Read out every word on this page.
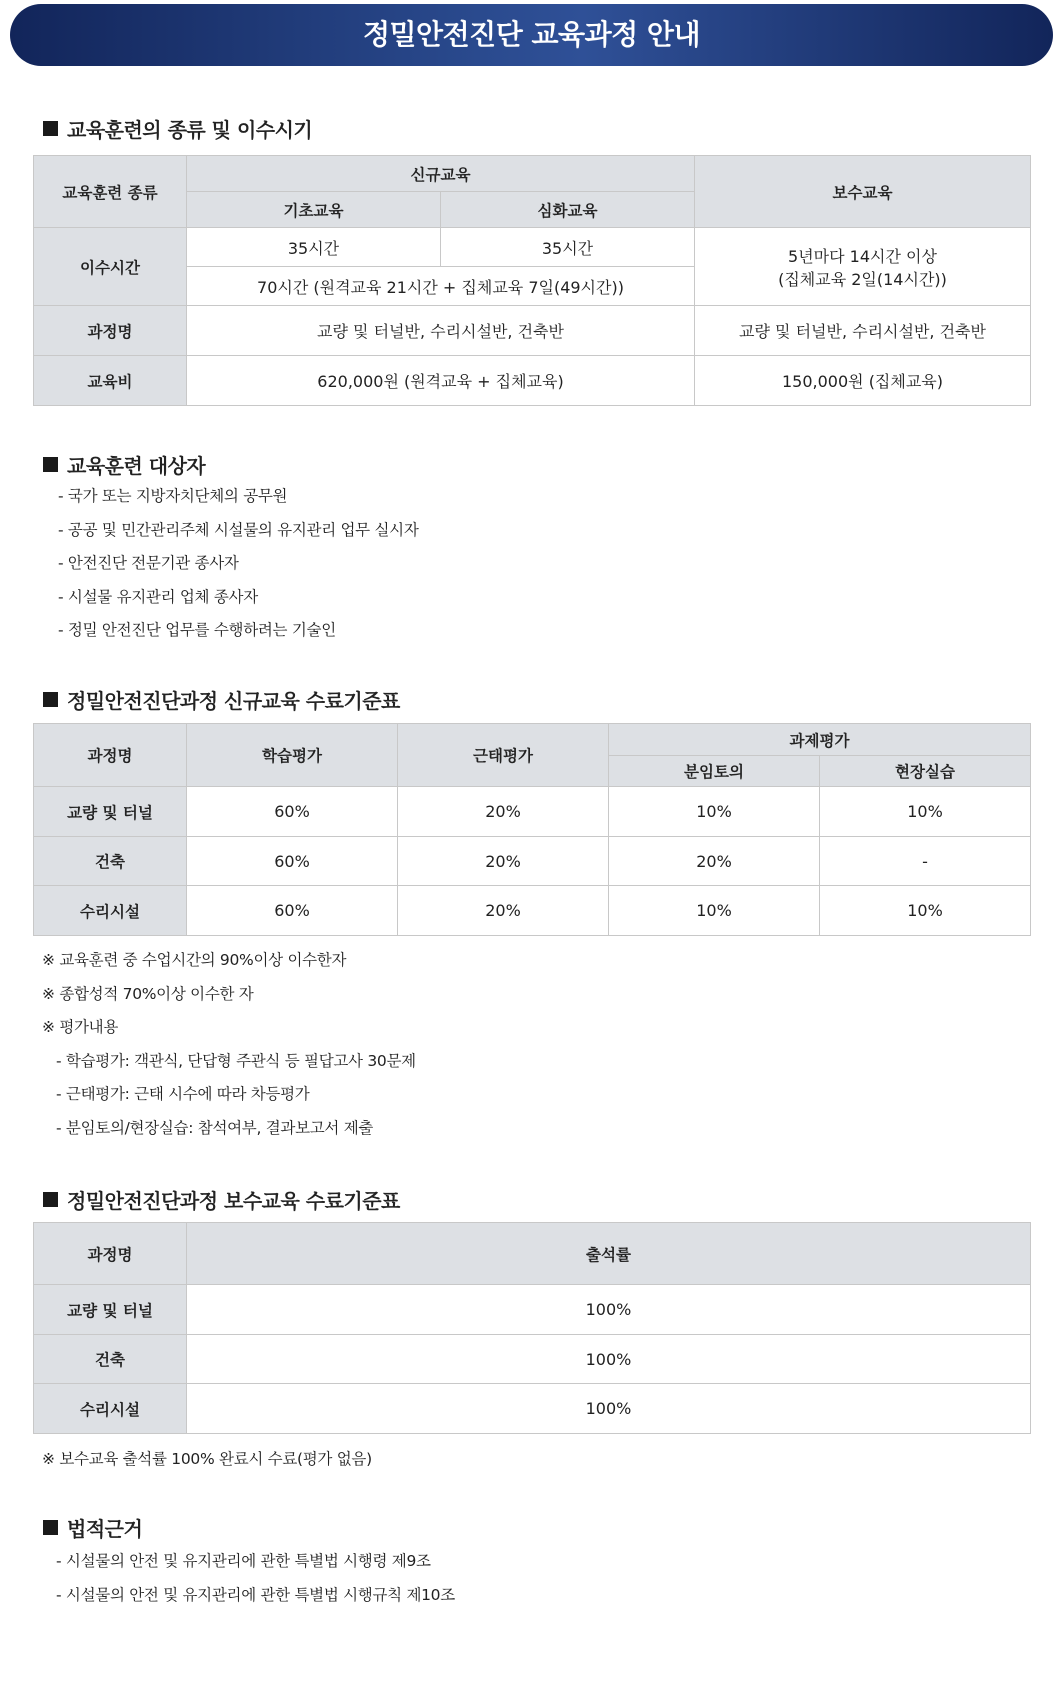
정밀안전진단 교육과정 안내
교육훈련의 종류 및 이수시기
교육훈련 종류	신규교육		보수교육
	기초교육	심화교육	
이수시간	35시간	35시간	5년마다 14시간 이상
(집체교육 2일(14시간))

	70시간 (원격교육 21시간 + 집체교육 7일(49시간))		
과정명	교량 및 터널반, 수리시설반, 건축반		교량 및 터널반, 수리시설반, 건축반
교육비	620,000원 (원격교육 + 집체교육)		150,000원 (집체교육)
교육훈련 대상자
- 국가 또는 지방자치단체의 공무원
- 공공 및 민간관리주체 시설물의 유지관리 업무 실시자
- 안전진단 전문기관 종사자
- 시설물 유지관리 업체 종사자
- 정밀 안전진단 업무를 수행하려는 기술인
정밀안전진단과정 신규교육 수료기준표
과정명	학습평가	근태평가	과제평가	
			분임토의	현장실습
교량 및 터널	60%	20%	10%	10%
건축	60%	20%	20%	-
수리시설	60%	20%	10%	10%
※ 교육훈련 중 수업시간의 90%이상 이수한자
※ 종합성적 70%이상 이수한 자
※ 평가내용
- 학습평가: 객관식, 단답형 주관식 등 필답고사 30문제
- 근태평가: 근태 시수에 따라 차등평가
- 분임토의/현장실습: 참석여부, 결과보고서 제출
정밀안전진단과정 보수교육 수료기준표
과정명	출석률
교량 및 터널	100%
건축	100%
수리시설	100%
※ 보수교육 출석률 100% 완료시 수료(평가 없음)
법적근거
- 시설물의 안전 및 유지관리에 관한 특별법 시행령 제9조
- 시설물의 안전 및 유지관리에 관한 특별법 시행규칙 제10조
